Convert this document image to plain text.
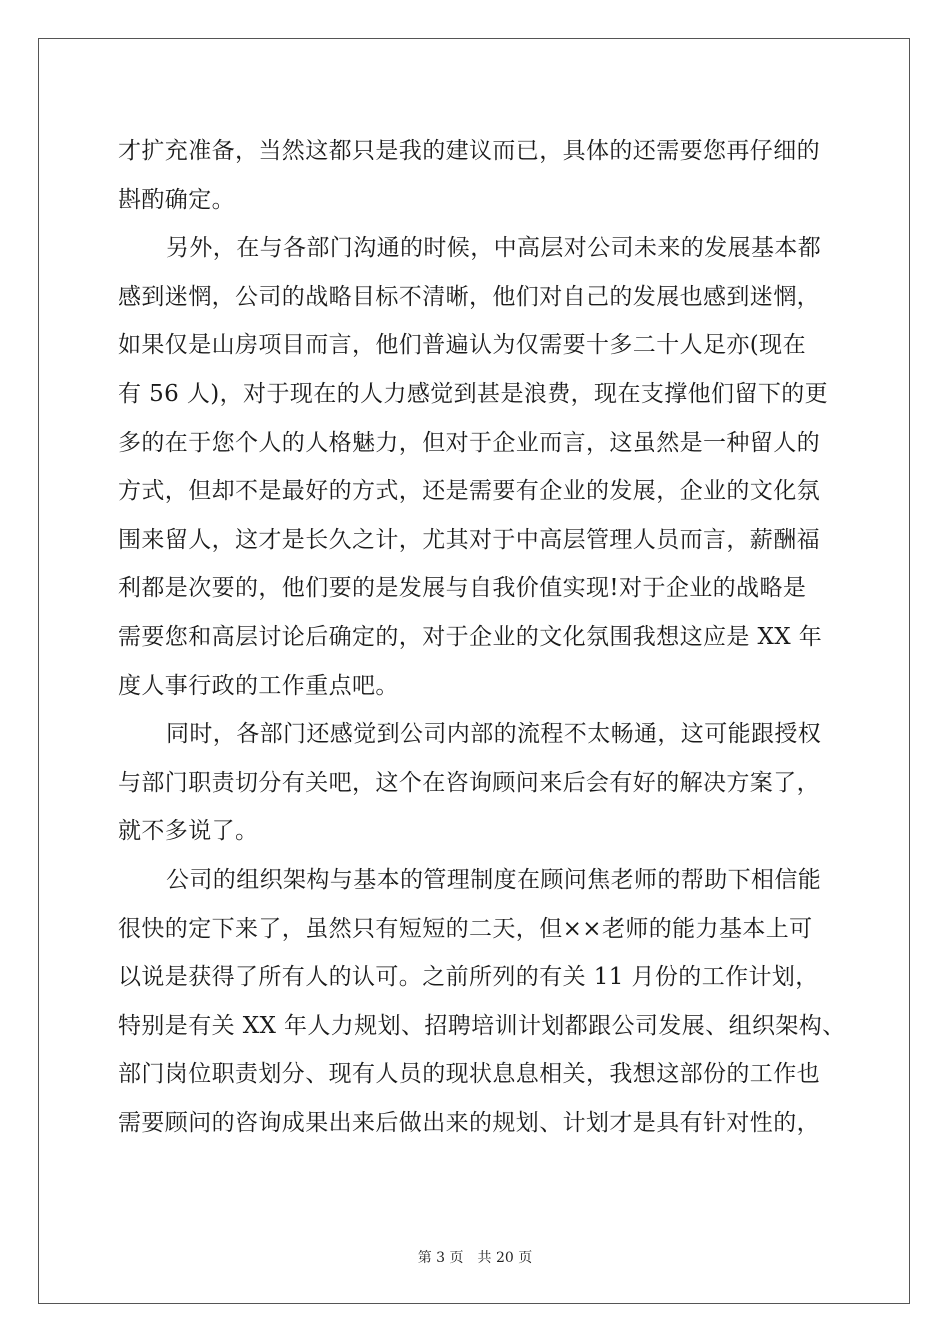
才扩充准备，当然这都只是我的建议而已，具体的还需要您再仔细的
斟酌确定。
另外，在与各部门沟通的时候，中高层对公司未来的发展基本都
感到迷惘，公司的战略目标不清晰，他们对自己的发展也感到迷惘，
如果仅是山房项目而言，他们普遍认为仅需要十多二十人足亦(现在
有 56 人)，对于现在的人力感觉到甚是浪费，现在支撑他们留下的更
多的在于您个人的人格魅力，但对于企业而言，这虽然是一种留人的
方式，但却不是最好的方式，还是需要有企业的发展，企业的文化氛
围来留人，这才是长久之计，尤其对于中高层管理人员而言，薪酬福
利都是次要的，他们要的是发展与自我价值实现!对于企业的战略是
需要您和高层讨论后确定的，对于企业的文化氛围我想这应是 XX 年
度人事行政的工作重点吧。
同时，各部门还感觉到公司内部的流程不太畅通，这可能跟授权
与部门职责切分有关吧，这个在咨询顾问来后会有好的解决方案了，
就不多说了。
公司的组织架构与基本的管理制度在顾问焦老师的帮助下相信能
很快的定下来了，虽然只有短短的二天，但××老师的能力基本上可
以说是获得了所有人的认可。之前所列的有关 11 月份的工作计划，
特别是有关 XX 年人力规划、招聘培训计划都跟公司发展、组织架构、
部门岗位职责划分、现有人员的现状息息相关，我想这部份的工作也
需要顾问的咨询成果出来后做出来的规划、计划才是具有针对性的，
第 3 页　共 20 页
